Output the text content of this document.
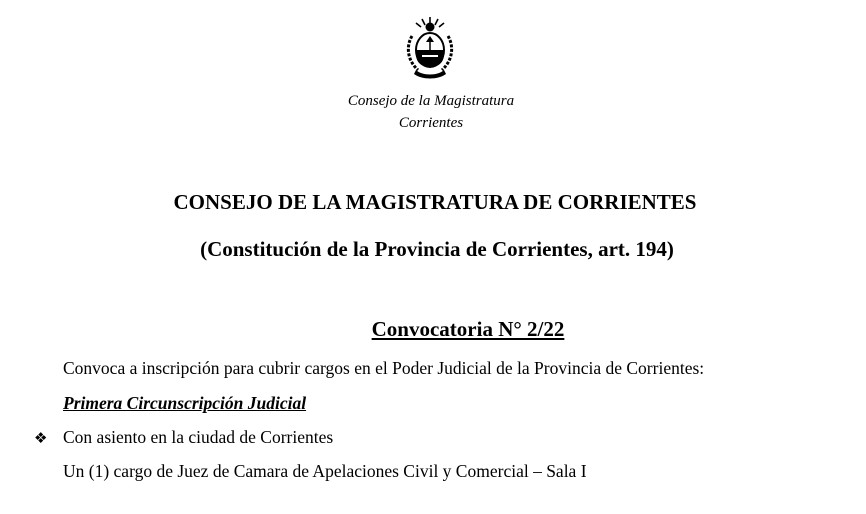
Consejo de la Magistratura
Corrientes
CONSEJO DE LA MAGISTRATURA DE CORRIENTES
(Constitución de la Provincia de Corrientes, art. 194)
Convocatoria N° 2/22
Convoca a inscripción para cubrir cargos en el Poder Judicial de la Provincia de Corrientes:
Primera Circunscripción Judicial
❖ Con asiento en la ciudad de Corrientes
Un (1) cargo de Juez de Camara de Apelaciones Civil y Comercial – Sala I
